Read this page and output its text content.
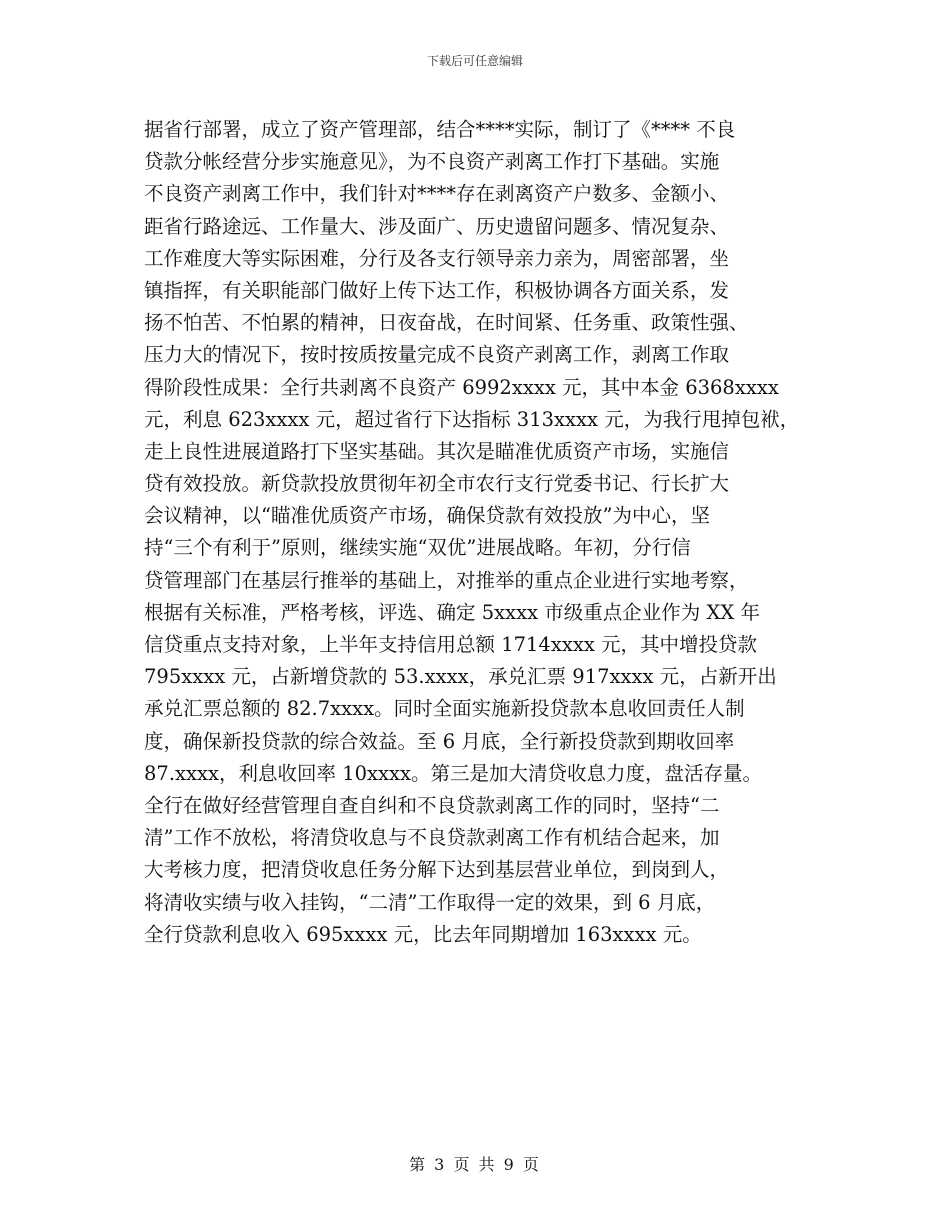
下载后可任意编辑
据省行部署，成立了资产管理部，结合****实际，制订了《**** 不良
贷款分帐经营分步实施意见》，为不良资产剥离工作打下基础。实施
不良资产剥离工作中，我们针对****存在剥离资产户数多、金额小、
距省行路途远、工作量大、涉及面广、历史遗留问题多、情况复杂、
工作难度大等实际困难，分行及各支行领导亲力亲为，周密部署，坐
镇指挥，有关职能部门做好上传下达工作，积极协调各方面关系，发
扬不怕苦、不怕累的精神，日夜奋战，在时间紧、任务重、政策性强、
压力大的情况下，按时按质按量完成不良资产剥离工作，剥离工作取
得阶段性成果：全行共剥离不良资产 6992xxxx 元，其中本金 6368xxxx
元，利息 623xxxx 元，超过省行下达指标 313xxxx 元，为我行甩掉包袱，
走上良性进展道路打下坚实基础。其次是瞄准优质资产市场，实施信
贷有效投放。新贷款投放贯彻年初全市农行支行党委书记、行长扩大
会议精神，以“瞄准优质资产市场，确保贷款有效投放”为中心，坚
持“三个有利于”原则，继续实施“双优”进展战略。年初，分行信
贷管理部门在基层行推举的基础上，对推举的重点企业进行实地考察，
根据有关标准，严格考核，评选、确定 5xxxx 市级重点企业作为 XX 年
信贷重点支持对象，上半年支持信用总额 1714xxxx 元，其中增投贷款
795xxxx 元，占新增贷款的 53.xxxx，承兑汇票 917xxxx 元，占新开出
承兑汇票总额的 82.7xxxx。同时全面实施新投贷款本息收回责任人制
度，确保新投贷款的综合效益。至 6 月底，全行新投贷款到期收回率
87.xxxx，利息收回率 10xxxx。第三是加大清贷收息力度，盘活存量。
全行在做好经营管理自查自纠和不良贷款剥离工作的同时，坚持“二
清”工作不放松，将清贷收息与不良贷款剥离工作有机结合起来，加
大考核力度，把清贷收息任务分解下达到基层营业单位，到岗到人，
将清收实绩与收入挂钩，“二清”工作取得一定的效果，到 6 月底，
全行贷款利息收入 695xxxx 元，比去年同期增加 163xxxx 元。
第 3 页 共 9 页
